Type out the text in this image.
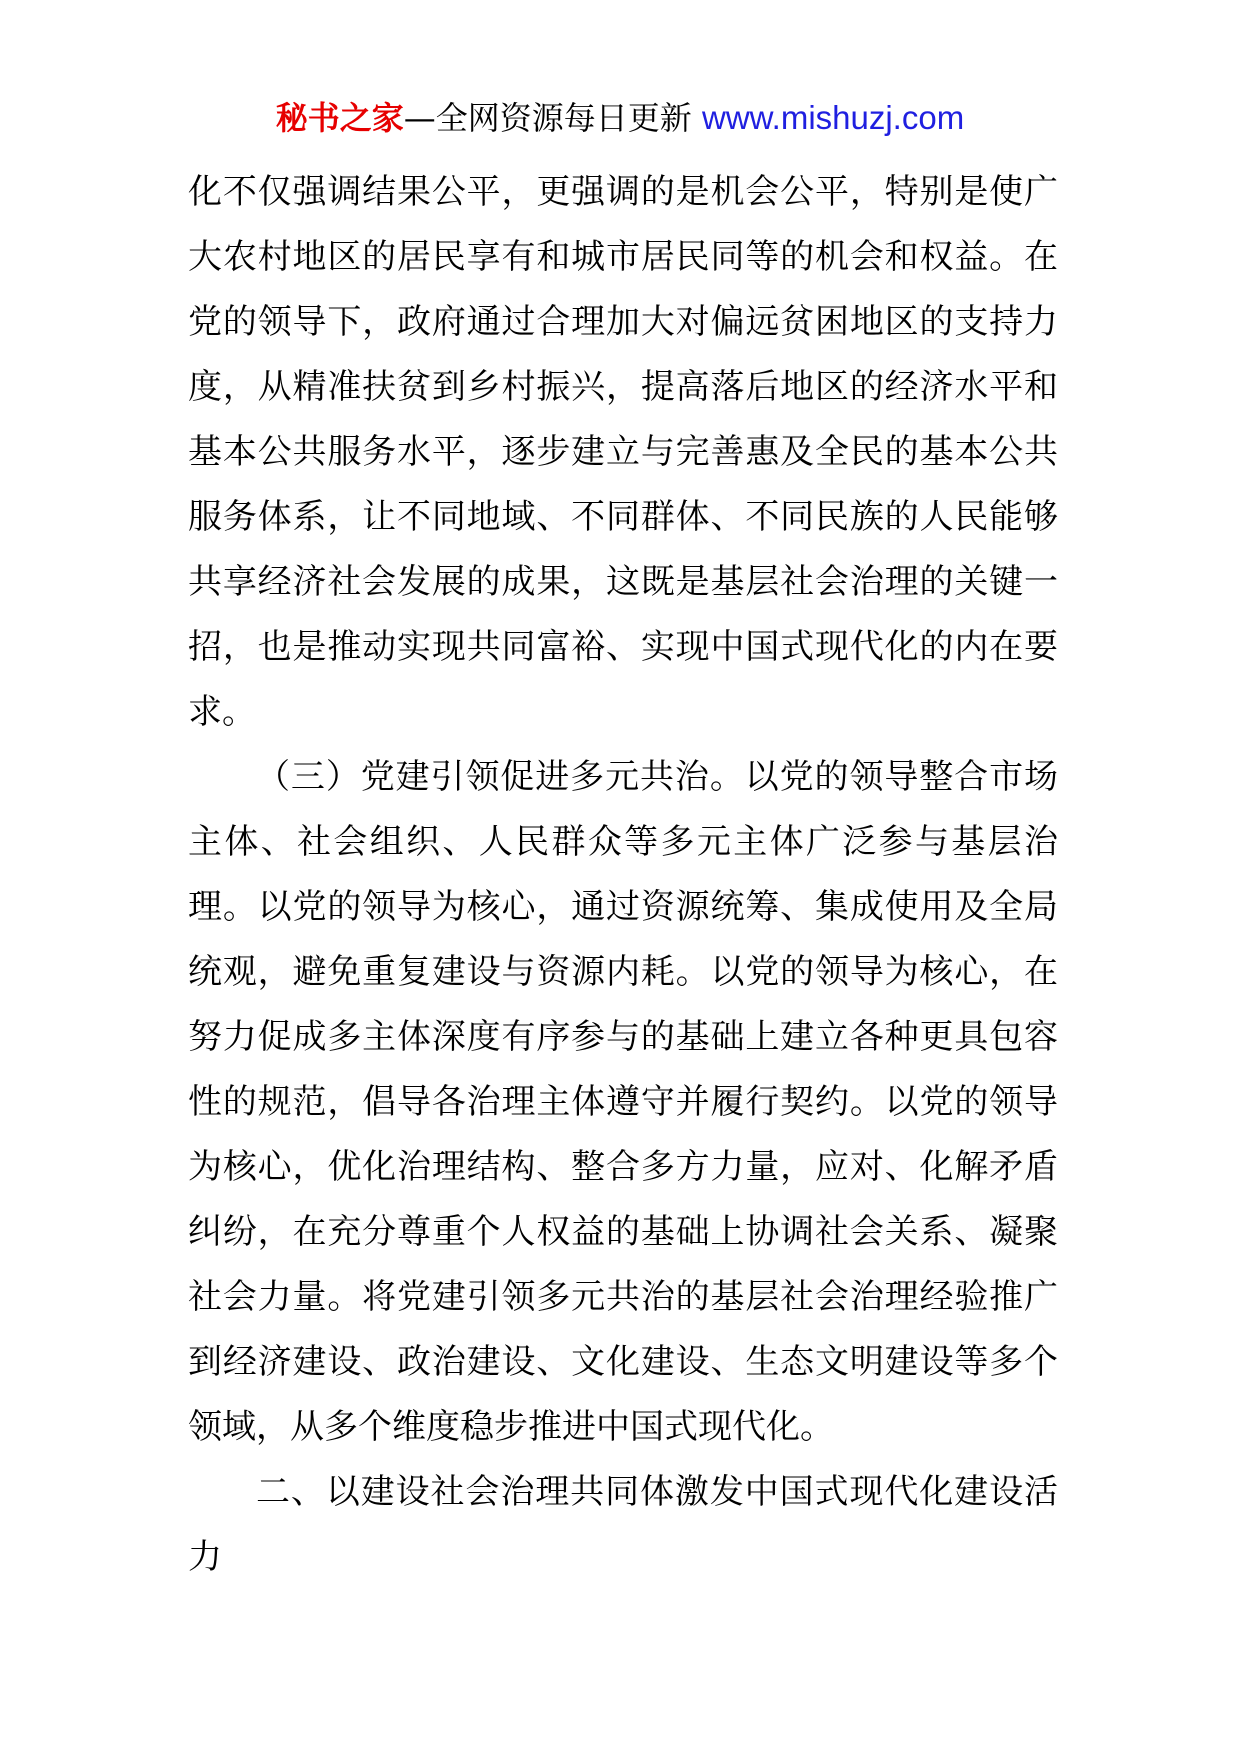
秘书之家—全网资源每日更新 www.mishuzj.com

化不仅强调结果公平，更强调的是机会公平，特别是使广大农村地区的居民享有和城市居民同等的机会和权益。在党的领导下，政府通过合理加大对偏远贫困地区的支持力度，从精准扶贫到乡村振兴，提高落后地区的经济水平和基本公共服务水平，逐步建立与完善惠及全民的基本公共服务体系，让不同地域、不同群体、不同民族的人民能够共享经济社会发展的成果，这既是基层社会治理的关键一招，也是推动实现共同富裕、实现中国式现代化的内在要求。

（三）党建引领促进多元共治。以党的领导整合市场主体、社会组织、人民群众等多元主体广泛参与基层治理。以党的领导为核心，通过资源统筹、集成使用及全局统观，避免重复建设与资源内耗。以党的领导为核心，在努力促成多主体深度有序参与的基础上建立各种更具包容性的规范，倡导各治理主体遵守并履行契约。以党的领导为核心，优化治理结构、整合多方力量，应对、化解矛盾纠纷，在充分尊重个人权益的基础上协调社会关系、凝聚社会力量。将党建引领多元共治的基层社会治理经验推广到经济建设、政治建设、文化建设、生态文明建设等多个领域，从多个维度稳步推进中国式现代化。

二、以建设社会治理共同体激发中国式现代化建设活力
